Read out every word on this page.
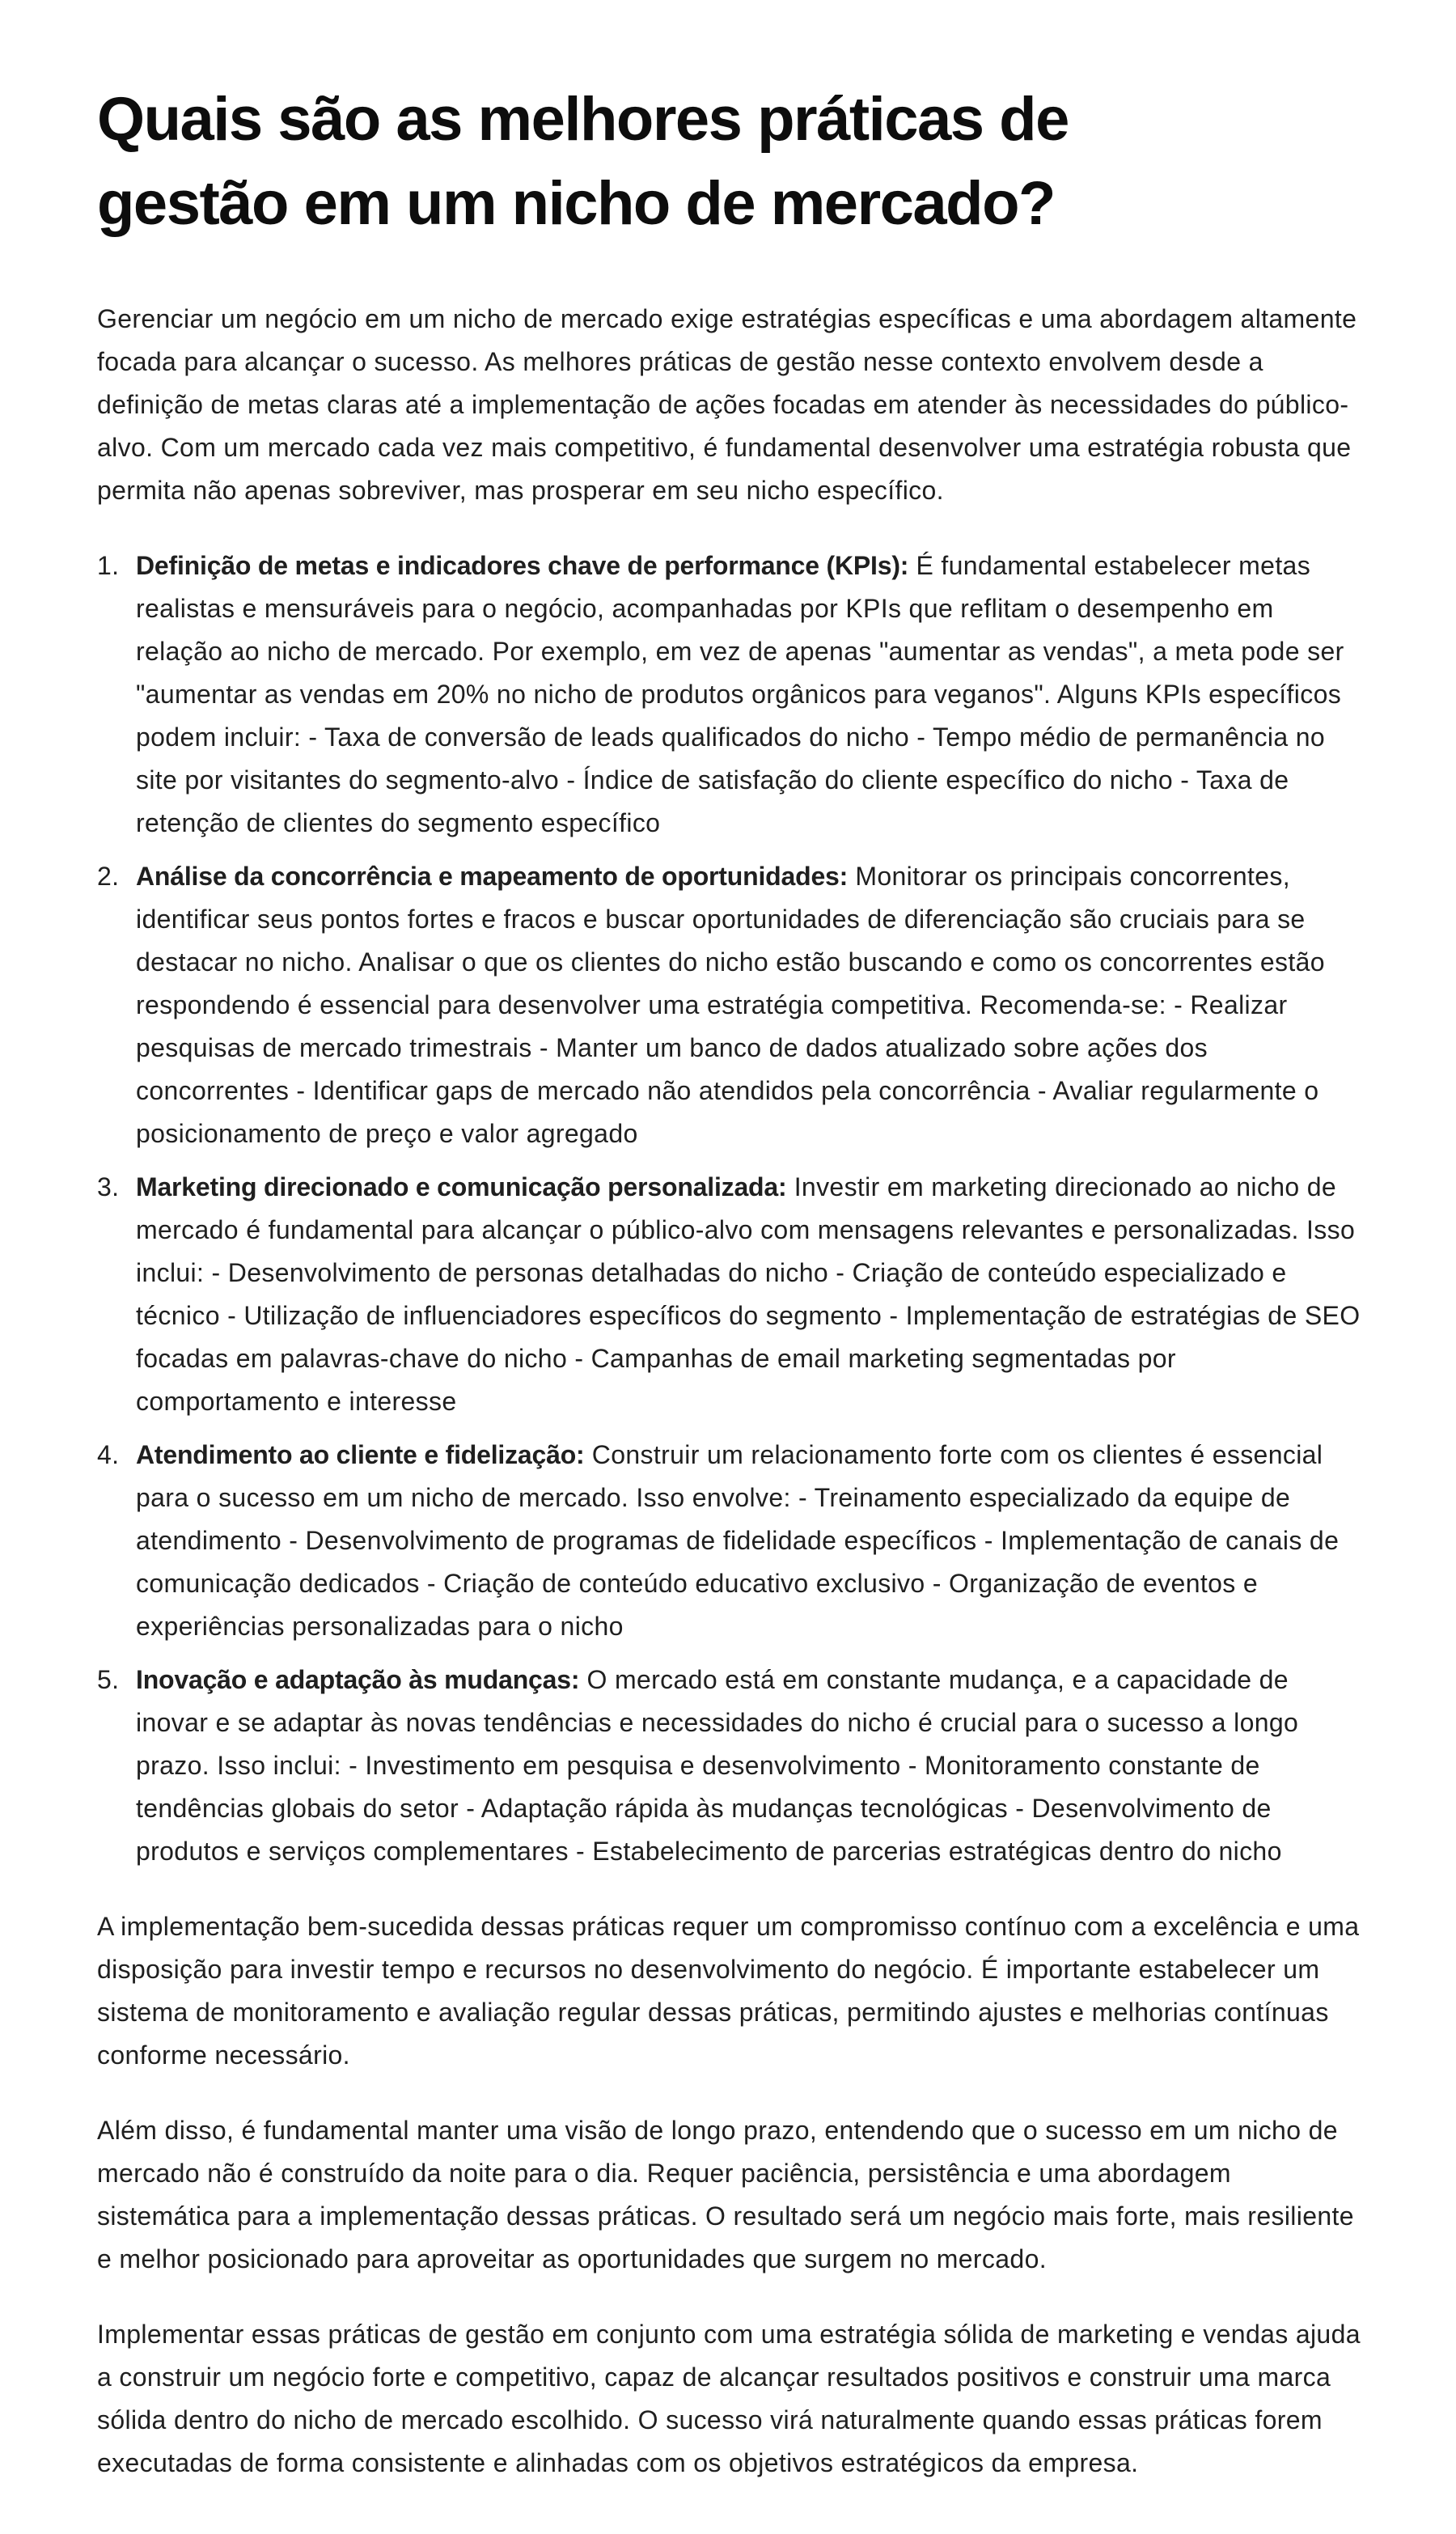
Quais são as melhores práticas de gestão em um nicho de mercado?

Gerenciar um negócio em um nicho de mercado exige estratégias específicas e uma abordagem altamente focada para alcançar o sucesso. As melhores práticas de gestão nesse contexto envolvem desde a definição de metas claras até a implementação de ações focadas em atender às necessidades do público-alvo. Com um mercado cada vez mais competitivo, é fundamental desenvolver uma estratégia robusta que permita não apenas sobreviver, mas prosperar em seu nicho específico.

1. Definição de metas e indicadores chave de performance (KPIs): É fundamental estabelecer metas realistas e mensuráveis para o negócio, acompanhadas por KPIs que reflitam o desempenho em relação ao nicho de mercado. Por exemplo, em vez de apenas "aumentar as vendas", a meta pode ser "aumentar as vendas em 20% no nicho de produtos orgânicos para veganos". Alguns KPIs específicos podem incluir: - Taxa de conversão de leads qualificados do nicho - Tempo médio de permanência no site por visitantes do segmento-alvo - Índice de satisfação do cliente específico do nicho - Taxa de retenção de clientes do segmento específico
2. Análise da concorrência e mapeamento de oportunidades: Monitorar os principais concorrentes, identificar seus pontos fortes e fracos e buscar oportunidades de diferenciação são cruciais para se destacar no nicho. Analisar o que os clientes do nicho estão buscando e como os concorrentes estão respondendo é essencial para desenvolver uma estratégia competitiva. Recomenda-se: - Realizar pesquisas de mercado trimestrais - Manter um banco de dados atualizado sobre ações dos concorrentes - Identificar gaps de mercado não atendidos pela concorrência - Avaliar regularmente o posicionamento de preço e valor agregado
3. Marketing direcionado e comunicação personalizada: Investir em marketing direcionado ao nicho de mercado é fundamental para alcançar o público-alvo com mensagens relevantes e personalizadas. Isso inclui: - Desenvolvimento de personas detalhadas do nicho - Criação de conteúdo especializado e técnico - Utilização de influenciadores específicos do segmento - Implementação de estratégias de SEO focadas em palavras-chave do nicho - Campanhas de email marketing segmentadas por comportamento e interesse
4. Atendimento ao cliente e fidelização: Construir um relacionamento forte com os clientes é essencial para o sucesso em um nicho de mercado. Isso envolve: - Treinamento especializado da equipe de atendimento - Desenvolvimento de programas de fidelidade específicos - Implementação de canais de comunicação dedicados - Criação de conteúdo educativo exclusivo - Organização de eventos e experiências personalizadas para o nicho
5. Inovação e adaptação às mudanças: O mercado está em constante mudança, e a capacidade de inovar e se adaptar às novas tendências e necessidades do nicho é crucial para o sucesso a longo prazo. Isso inclui: - Investimento em pesquisa e desenvolvimento - Monitoramento constante de tendências globais do setor - Adaptação rápida às mudanças tecnológicas - Desenvolvimento de produtos e serviços complementares - Estabelecimento de parcerias estratégicas dentro do nicho

A implementação bem-sucedida dessas práticas requer um compromisso contínuo com a excelência e uma disposição para investir tempo e recursos no desenvolvimento do negócio. É importante estabelecer um sistema de monitoramento e avaliação regular dessas práticas, permitindo ajustes e melhorias contínuas conforme necessário.

Além disso, é fundamental manter uma visão de longo prazo, entendendo que o sucesso em um nicho de mercado não é construído da noite para o dia. Requer paciência, persistência e uma abordagem sistemática para a implementação dessas práticas. O resultado será um negócio mais forte, mais resiliente e melhor posicionado para aproveitar as oportunidades que surgem no mercado.

Implementar essas práticas de gestão em conjunto com uma estratégia sólida de marketing e vendas ajuda a construir um negócio forte e competitivo, capaz de alcançar resultados positivos e construir uma marca sólida dentro do nicho de mercado escolhido. O sucesso virá naturalmente quando essas práticas forem executadas de forma consistente e alinhadas com os objetivos estratégicos da empresa.
